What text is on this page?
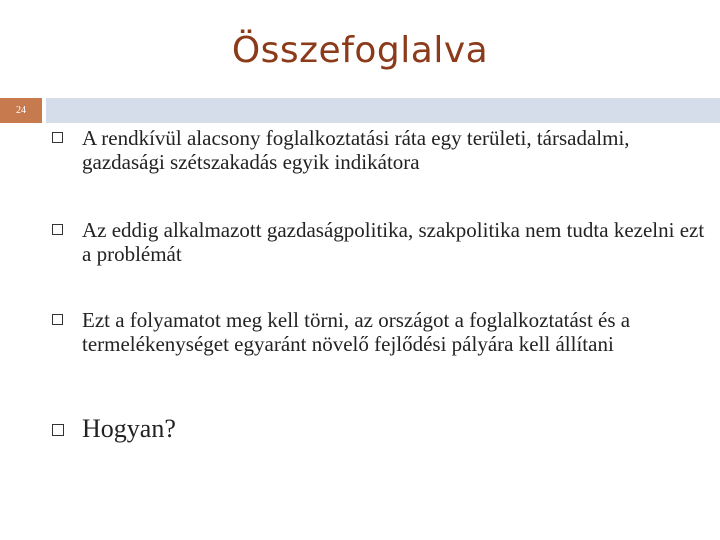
Összefoglalva
24
A rendkívül alacsony foglalkoztatási ráta egy területi, társadalmi, gazdasági szétszakadás egyik indikátora
Az eddig alkalmazott gazdaságpolitika, szakpolitika nem tudta kezelni ezt a problémát
Ezt a folyamatot meg kell törni, az országot a foglalkoztatást és a termelékenységet egyaránt növelő fejlődési pályára kell állítani
Hogyan?
